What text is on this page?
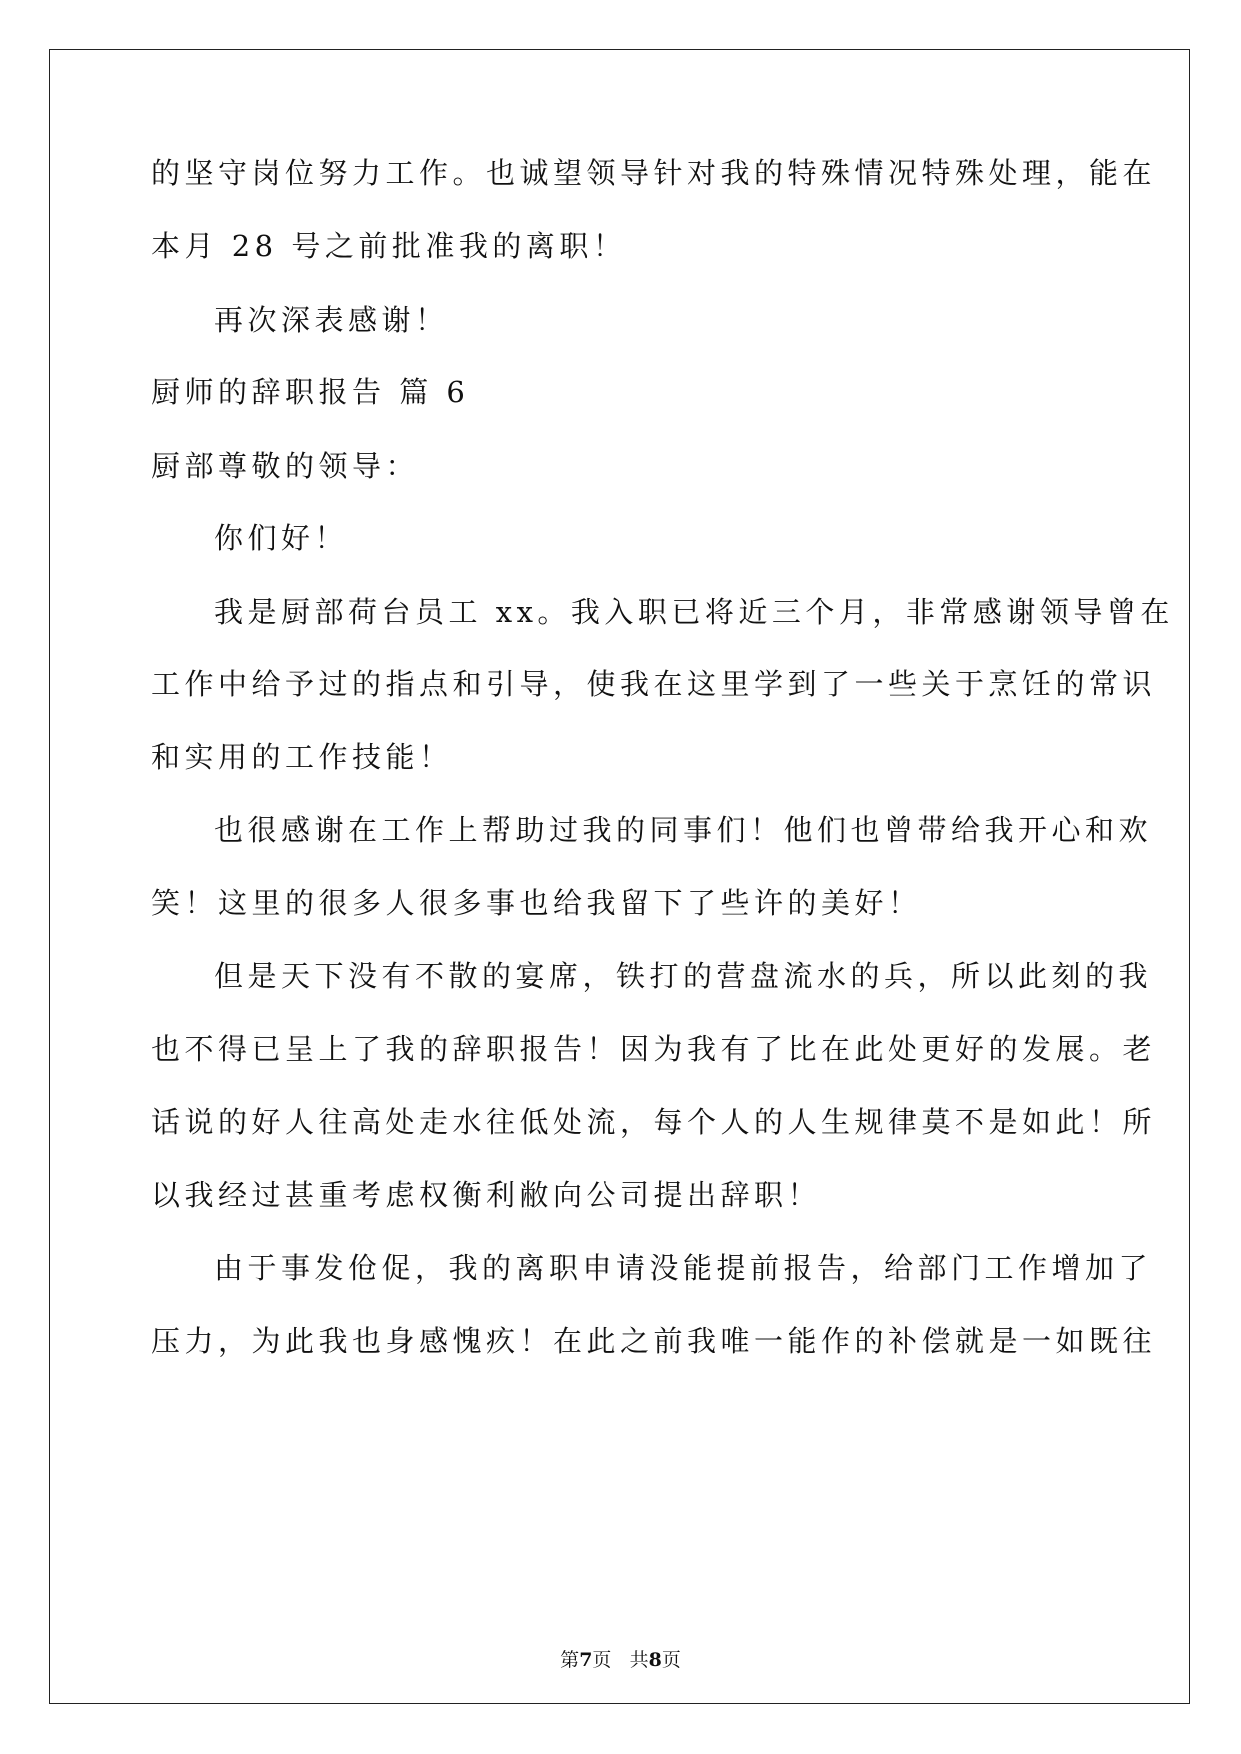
的坚守岗位努力工作。也诚望领导针对我的特殊情况特殊处理，能在
本月 28 号之前批准我的离职！
再次深表感谢！
厨师的辞职报告 篇 6
厨部尊敬的领导：
你们好！
我是厨部荷台员工 xx。我入职已将近三个月，非常感谢领导曾在
工作中给予过的指点和引导，使我在这里学到了一些关于烹饪的常识
和实用的工作技能！
也很感谢在工作上帮助过我的同事们！他们也曾带给我开心和欢
笑！这里的很多人很多事也给我留下了些许的美好！
但是天下没有不散的宴席，铁打的营盘流水的兵，所以此刻的我
也不得已呈上了我的辞职报告！因为我有了比在此处更好的发展。老
话说的好人往高处走水往低处流，每个人的人生规律莫不是如此！所
以我经过甚重考虑权衡利敝向公司提出辞职！
由于事发伧促，我的离职申请没能提前报告，给部门工作增加了
压力，为此我也身感愧疚！在此之前我唯一能作的补偿就是一如既往
第7页 共8页
